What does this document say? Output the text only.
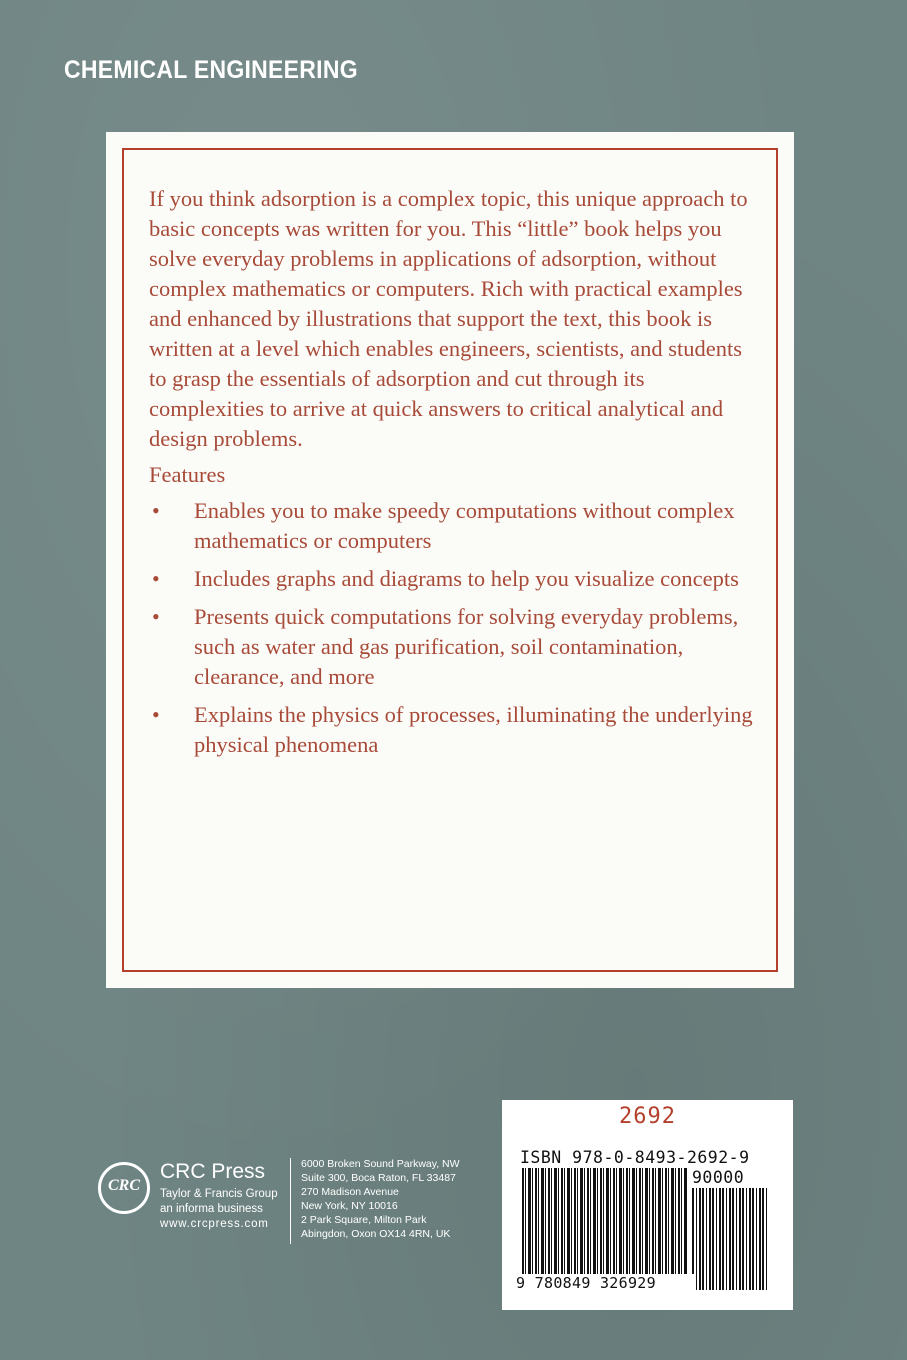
CHEMICAL ENGINEERING

If you think adsorption is a complex topic, this unique approach to basic concepts was written for you. This “little” book helps you solve everyday problems in applications of adsorption, without complex mathematics or computers. Rich with practical examples and enhanced by illustrations that support the text, this book is written at a level which enables engineers, scientists, and students to grasp the essentials of adsorption and cut through its complexities to arrive at quick answers to critical analytical and design problems.

Features

• Enables you to make speedy computations without complex mathematics or computers
• Includes graphs and diagrams to help you visualize concepts
• Presents quick computations for solving everyday problems, such as water and gas purification, soil contamination, clearance, and more
• Explains the physics of processes, illuminating the underlying physical phenomena
CRC
CRC Press
Taylor & Francis Group
an informa business
www.crcpress.com
6000 Broken Sound Parkway, NW
Suite 300, Boca Raton, FL 33487
270 Madison Avenue
New York, NY 10016
2 Park Square, Milton Park
Abingdon, Oxon OX14 4RN, UK
2692
ISBN 978-0-8493-2692-9
90000
9 780849 326929
